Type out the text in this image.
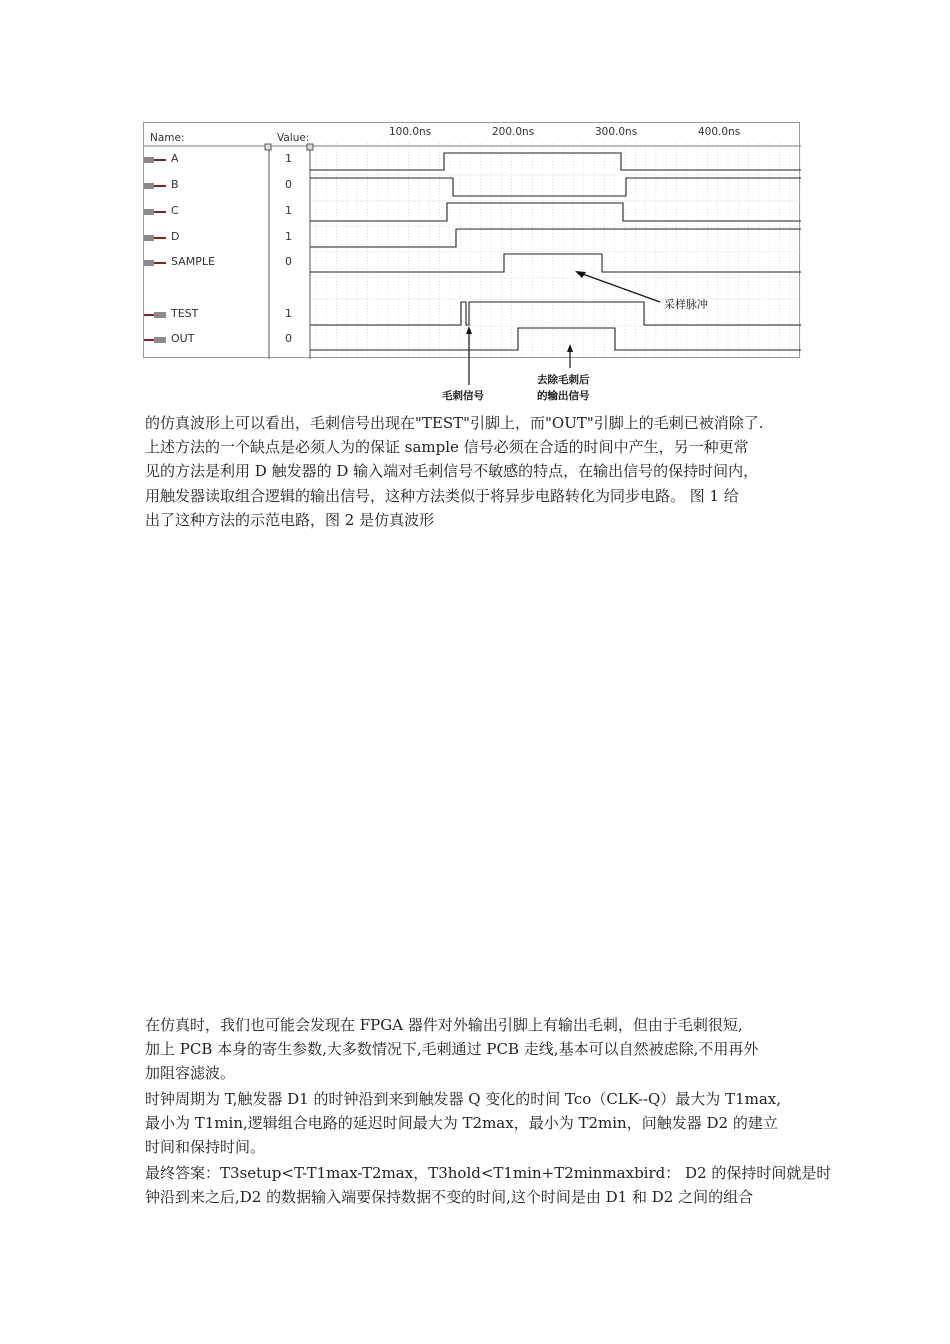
Name:	Value:	100.0ns	200.0ns	300.0ns	400.0ns
A	1
B	0
C	1
D	1
SAMPLE	0
TEST	1
OUT	0
采样脉冲
毛刺信号
去除毛刺后
的输出信号
的仿真波形上可以看出，毛刺信号出现在"TEST"引脚上，而"OUT"引脚上的毛刺已被消除了.
上述方法的一个缺点是必须人为的保证 sample 信号必须在合适的时间中产生，另一种更常
见的方法是利用 D 触发器的 D 输入端对毛刺信号不敏感的特点，在输出信号的保持时间内，
用触发器读取组合逻辑的输出信号，这种方法类似于将异步电路转化为同步电路。 图 1 给
出了这种方法的示范电路，图 2 是仿真波形
在仿真时，我们也可能会发现在 FPGA 器件对外输出引脚上有输出毛刺，但由于毛刺很短,
加上 PCB 本身的寄生参数,大多数情况下,毛刺通过 PCB 走线,基本可以自然被虑除,不用再外
加阻容滤波。
时钟周期为 T,触发器 D1 的时钟沿到来到触发器 Q 变化的时间 Tco（CLK--Q）最大为 T1max,
最小为 T1min,逻辑组合电路的延迟时间最大为 T2max，最小为 T2min，问触发器 D2 的建立
时间和保持时间。
最终答案：T3setup<T-T1max-T2max，T3hold<T1min+T2minmaxbird： D2 的保持时间就是时
钟沿到来之后,D2 的数据输入端要保持数据不变的时间,这个时间是由 D1 和 D2 之间的组合
